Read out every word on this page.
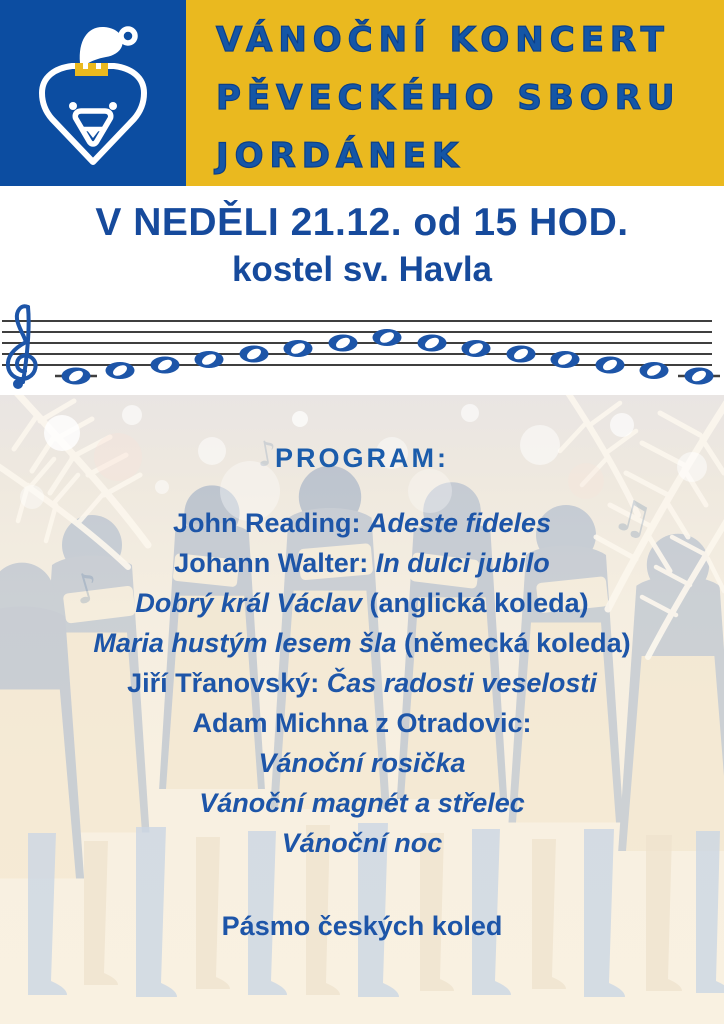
VÁNOČNÍ KONCERT
PĚVECKÉHO SBORU
JORDÁNEK
V NEDĚLI 21.12. od 15 HOD.
kostel sv. Havla
♪
♫
♪
PROGRAM:
John Reading: Adeste fideles
Johann Walter: In dulci jubilo
Dobrý král Václav (anglická koleda)
Maria hustým lesem šla (německá koleda)
Jiří Třanovský: Čas radosti veselosti
Adam Michna z Otradovic:
Vánoční rosička
Vánoční magnét a střelec
Vánoční noc
Pásmo českých koled
